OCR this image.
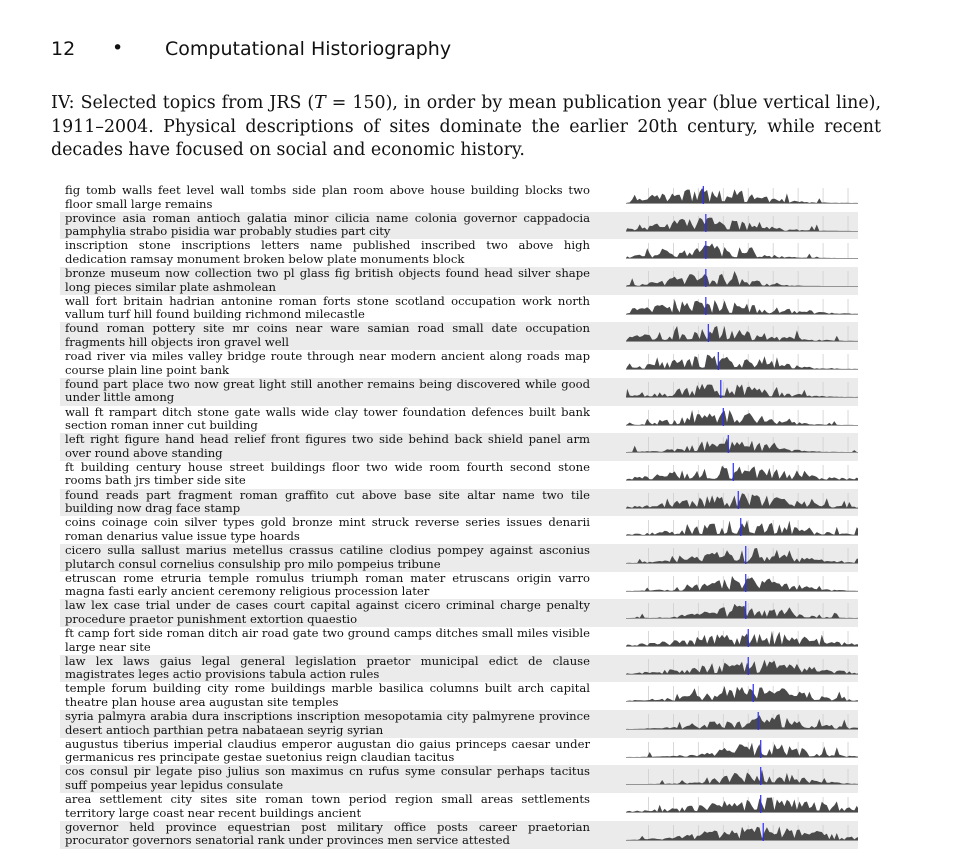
12 • Computational Historiography
IV: Selected topics from JRS (T = 150), in order by mean publication year (blue vertical line), 1911–2004. Physical descriptions of sites dominate the earlier 20th century, while recent decades have focused on social and economic history.
fig tomb walls feet level wall tombs side plan room above house building blocks two floor small large remains
province asia roman antioch galatia minor cilicia name colonia governor cappadocia pamphylia strabo pisidia war probably studies part city
inscription stone inscriptions letters name published inscribed two above high dedication ramsay monument broken below plate monuments block
bronze museum now collection two pl glass fig british objects found head silver shape long pieces similar plate ashmolean
wall fort britain hadrian antonine roman forts stone scotland occupation work north vallum turf hill found building richmond milecastle
found roman pottery site mr coins near ware samian road small date occupation fragments hill objects iron gravel well
road river via miles valley bridge route through near modern ancient along roads map course plain line point bank
found part place two now great light still another remains being discovered while good under little among
wall ft rampart ditch stone gate walls wide clay tower foundation defences built bank section roman inner cut building
left right figure hand head relief front figures two side behind back shield panel arm over round above standing
ft building century house street buildings floor two wide room fourth second stone rooms bath jrs timber side site
found reads part fragment roman graffito cut above base site altar name two tile building now drag face stamp
coins coinage coin silver types gold bronze mint struck reverse series issues denarii roman denarius value issue type hoards
cicero sulla sallust marius metellus crassus catiline clodius pompey against asconius plutarch consul cornelius consulship pro milo pompeius tribune
etruscan rome etruria temple romulus triumph roman mater etruscans origin varro magna fasti early ancient ceremony religious procession later
law lex case trial under de cases court capital against cicero criminal charge penalty procedure praetor punishment extortion quaestio
ft camp fort side roman ditch air road gate two ground camps ditches small miles visible large near site
law lex laws gaius legal general legislation praetor municipal edict de clause magistrates leges actio provisions tabula action rules
temple forum building city rome buildings marble basilica columns built arch capital theatre plan house area augustan site temples
syria palmyra arabia dura inscriptions inscription mesopotamia city palmyrene province desert antioch parthian petra nabataean seyrig syrian
augustus tiberius imperial claudius emperor augustan dio gaius princeps caesar under germanicus res principate gestae suetonius reign claudian tacitus
cos consul pir legate piso julius son maximus cn rufus syme consular perhaps tacitus suff pompeius year lepidus consulate
area settlement city sites site roman town period region small areas settlements territory large coast near recent buildings ancient
governor held province equestrian post military office posts career praetorian procurator governors senatorial rank under provinces men service attested
